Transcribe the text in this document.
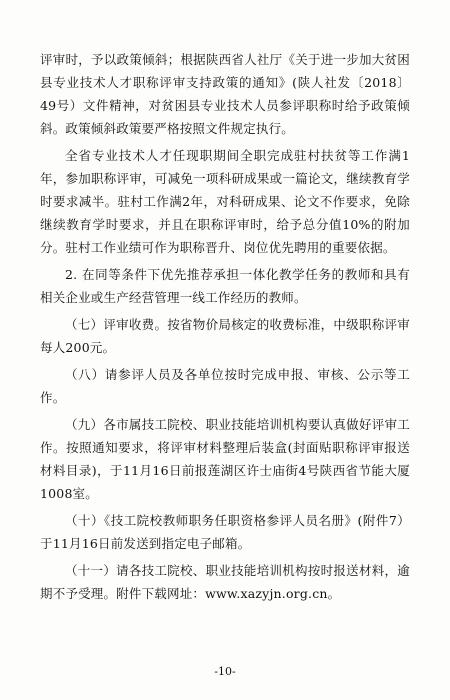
评审时，予以政策倾斜；根据陕西省人社厅《关于进一步加大贫困县专业技术人才职称评审支持政策的通知》(陕人社发〔2018〕49号）文件精神，对贫困县专业技术人员参评职称时给予政策倾斜。政策倾斜政策要严格按照文件规定执行。

全省专业技术人才任现职期间全职完成驻村扶贫等工作满1年，参加职称评审，可减免一项科研成果或一篇论文，继续教育学时要求减半。驻村工作满2年，对科研成果、论文不作要求，免除继续教育学时要求，并且在职称评审时，给予总分值10%的附加分。驻村工作业绩可作为职称晋升、岗位优先聘用的重要依据。

2. 在同等条件下优先推荐承担一体化教学任务的教师和具有相关企业或生产经营管理一线工作经历的教师。

（七）评审收费。按省物价局核定的收费标准，中级职称评审每人200元。

（八）请参评人员及各单位按时完成申报、审核、公示等工作。

（九）各市属技工院校、职业技能培训机构要认真做好评审工作。按照通知要求，将评审材料整理后装盒(封面贴职称评审报送材料目录)，于11月16日前报莲湖区许士庙街4号陕西省节能大厦1008室。

（十）《技工院校教师职务任职资格参评人员名册》(附件7）于11月16日前发送到指定电子邮箱。

（十一）请各技工院校、职业技能培训机构按时报送材料，逾期不予受理。附件下载网址：www.xazyjn.org.cn。

-10-
